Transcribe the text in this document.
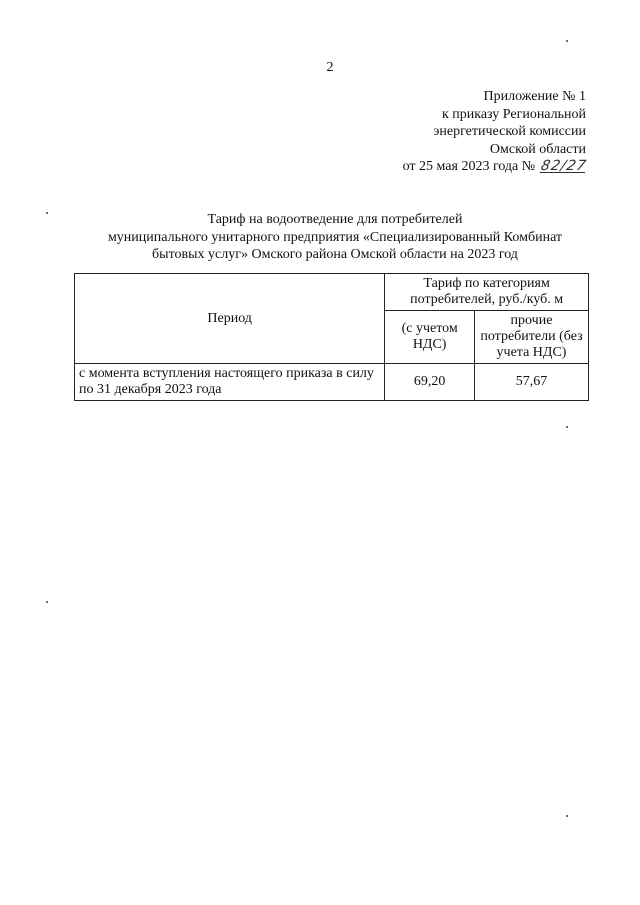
2
Приложение № 1
к приказу Региональной
энергетической комиссии
Омской области
от 25 мая 2023 года № 82/27
Тариф на водоотведение для потребителей
муниципального унитарного предприятия «Специализированный Комбинат
бытовых услуг» Омского района Омской области на 2023 год
Период	Тариф по категориям потребителей, руб./куб. м	
	(с учетом НДС)	прочие потребители (без учета НДС)
с момента вступления настоящего приказа в силу по 31 декабря 2023 года	69,20	57,67
